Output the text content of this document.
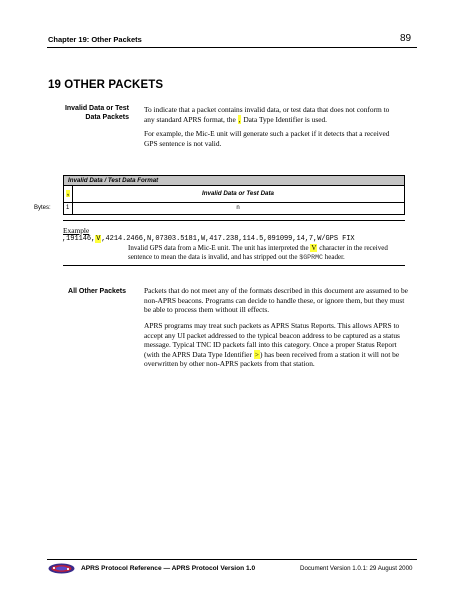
Chapter 19: Other Packets	89
19 OTHER PACKETS
Invalid Data or Test Data Packets
To indicate that a packet contains invalid data, or test data that does not conform to any standard APRS format, the , Data Type Identifier is used.
For example, the Mic-E unit will generate such a packet if it detects that a received GPS sentence is not valid.
Invalid Data / Test Data Format
,	Invalid Data or Test Data
Bytes:	1	n
Example
,191146,V,4214.2466,N,07303.5181,W,417.238,114.5,091099,14,7,W/GPS FIX
Invalid GPS data from a Mic-E unit. The unit has interpreted the V character in the received sentence to mean the data is invalid, and has stripped out the $GPRMC header.
All Other Packets Packets that do not meet any of the formats described in this document are assumed to be non-APRS beacons. Programs can decide to handle these, or ignore them, but they must be able to process them without ill effects.
APRS programs may treat such packets as APRS Status Reports. This allows APRS to accept any UI packet addressed to the typical beacon address to be captured as a status message. Typical TNC ID packets fall into this category. Once a proper Status Report (with the APRS Data Type Identifier >) has been received from a station it will not be overwritten by other non-APRS packets from that station.
APRS Protocol Reference — APRS Protocol Version 1.0	Document Version 1.0.1: 29 August 2000
